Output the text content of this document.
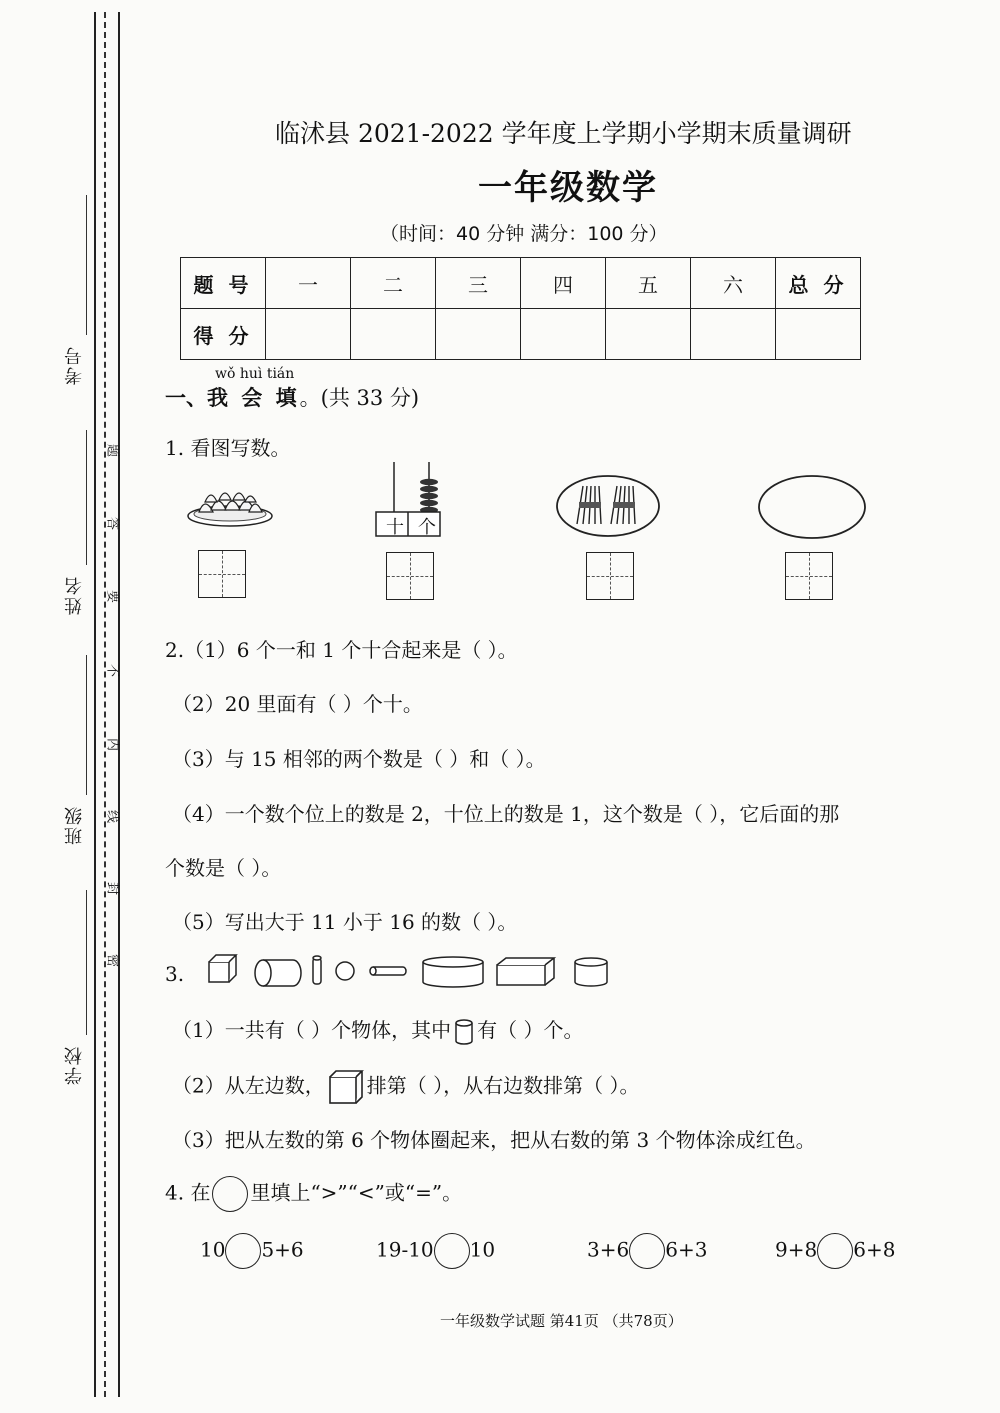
考号
姓名
班级
学校
题
答
要
不
内
线
封
密
临沭县 2021-2022 学年度上学期小学期末质量调研
一年级数学
（时间：40 分钟 满分：100 分）
题 号	一	二	三	四	五	六	总 分
得 分							
wǒ huì tián
一、我 会 填。(共 33 分)
1. 看图写数。
十 个
2.（1）6 个一和 1 个十合起来是（ ）。
（2）20 里面有（ ）个十。
（3）与 15 相邻的两个数是（ ）和（ ）。
（4）一个数个位上的数是 2，十位上的数是 1，这个数是（ ），它后面的那
个数是（ ）。
（5）写出大于 11 小于 16 的数（ ）。
3.
（1）一共有（ ）个物体，其中 有（ ）个。
（2）从左边数， 排第（ ），从右边数排第（ ）。
（3）把从左数的第 6 个物体圈起来，把从右数的第 3 个物体涂成红色。
4. 在 里填上“>”“<”或“=”。
10 5+6	19-10 10	3+6 6+3	9+8 6+8
一年级数学试题 第41页 （共78页）
